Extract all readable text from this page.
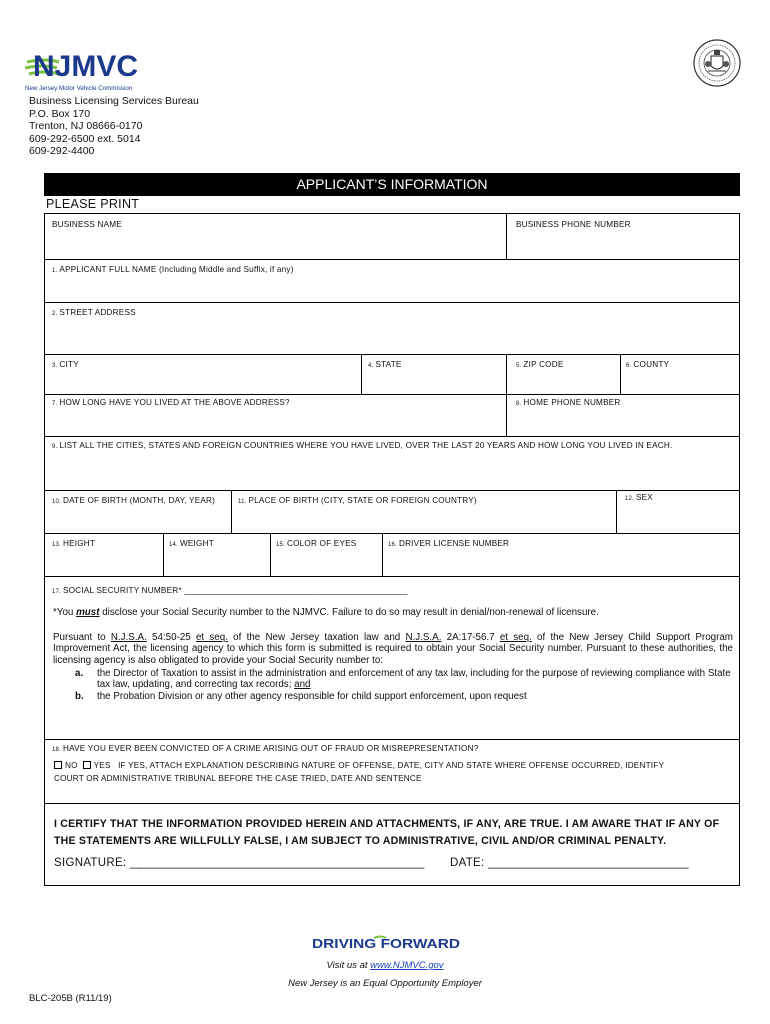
NJMVC
New Jersey Motor Vehicle Commission
Business Licensing Services Bureau
P.O. Box 170
Trenton, NJ 08666-0170
609-292-6500 ext. 5014
609-292-4400
APPLICANT’S INFORMATION
PLEASE PRINT
BUSINESS NAME	BUSINESS PHONE NUMBER
1. APPLICANT FULL NAME (Including Middle and Suffix, if any)
2. STREET ADDRESS
3. CITY	4. STATE	5. ZIP CODE	6. COUNTY
7. HOW LONG HAVE YOU LIVED AT THE ABOVE ADDRESS?	8. HOME PHONE NUMBER
9. LIST ALL THE CITIES, STATES AND FOREIGN COUNTRIES WHERE YOU HAVE LIVED, OVER THE LAST 20 YEARS AND HOW LONG YOU LIVED IN EACH.
10. DATE OF BIRTH (MONTH, DAY, YEAR)	11. PLACE OF BIRTH (CITY, STATE OR FOREIGN COUNTRY)	12. SEX
13. HEIGHT	14. WEIGHT	15. COLOR OF EYES	16. DRIVER LICENSE NUMBER
17. SOCIAL SECURITY NUMBER* _______________________________________________
*You must disclose your Social Security number to the NJMVC. Failure to do so may result in denial/non-renewal of licensure.
Pursuant to N.J.S.A. 54:50-25 et seq. of the New Jersey taxation law and N.J.S.A. 2A:17-56.7 et seq. of the New Jersey Child Support Program Improvement Act, the licensing agency to which this form is submitted is required to obtain your Social Security number. Pursuant to these authorities, the licensing agency is also obligated to provide your Social Security number to:
a. the Director of Taxation to assist in the administration and enforcement of any tax law, including for the purpose of reviewing compliance with State tax law, updating, and correcting tax records; and
b. the Probation Division or any other agency responsible for child support enforcement, upon request
18. HAVE YOU EVER BEEN CONVICTED OF A CRIME ARISING OUT OF FRAUD OR MISREPRESENTATION?
NO YES IF YES, ATTACH EXPLANATION DESCRIBING NATURE OF OFFENSE, DATE, CITY AND STATE WHERE OFFENSE OCCURRED, IDENTIFY
COURT OR ADMINISTRATIVE TRIBUNAL BEFORE THE CASE TRIED, DATE AND SENTENCE
I CERTIFY THAT THE INFORMATION PROVIDED HEREIN AND ATTACHMENTS, IF ANY, ARE TRUE. I AM AWARE THAT IF ANY OF THE STATEMENTS ARE WILLFULLY FALSE, I AM SUBJECT TO ADMINISTRATIVE, CIVIL AND/OR CRIMINAL PENALTY.
SIGNATURE: ____________________________________________ DATE: ______________________________
DRIVING FORWARD
Visit us at www.NJMVC.gov
New Jersey is an Equal Opportunity Employer
BLC-205B (R11/19)
